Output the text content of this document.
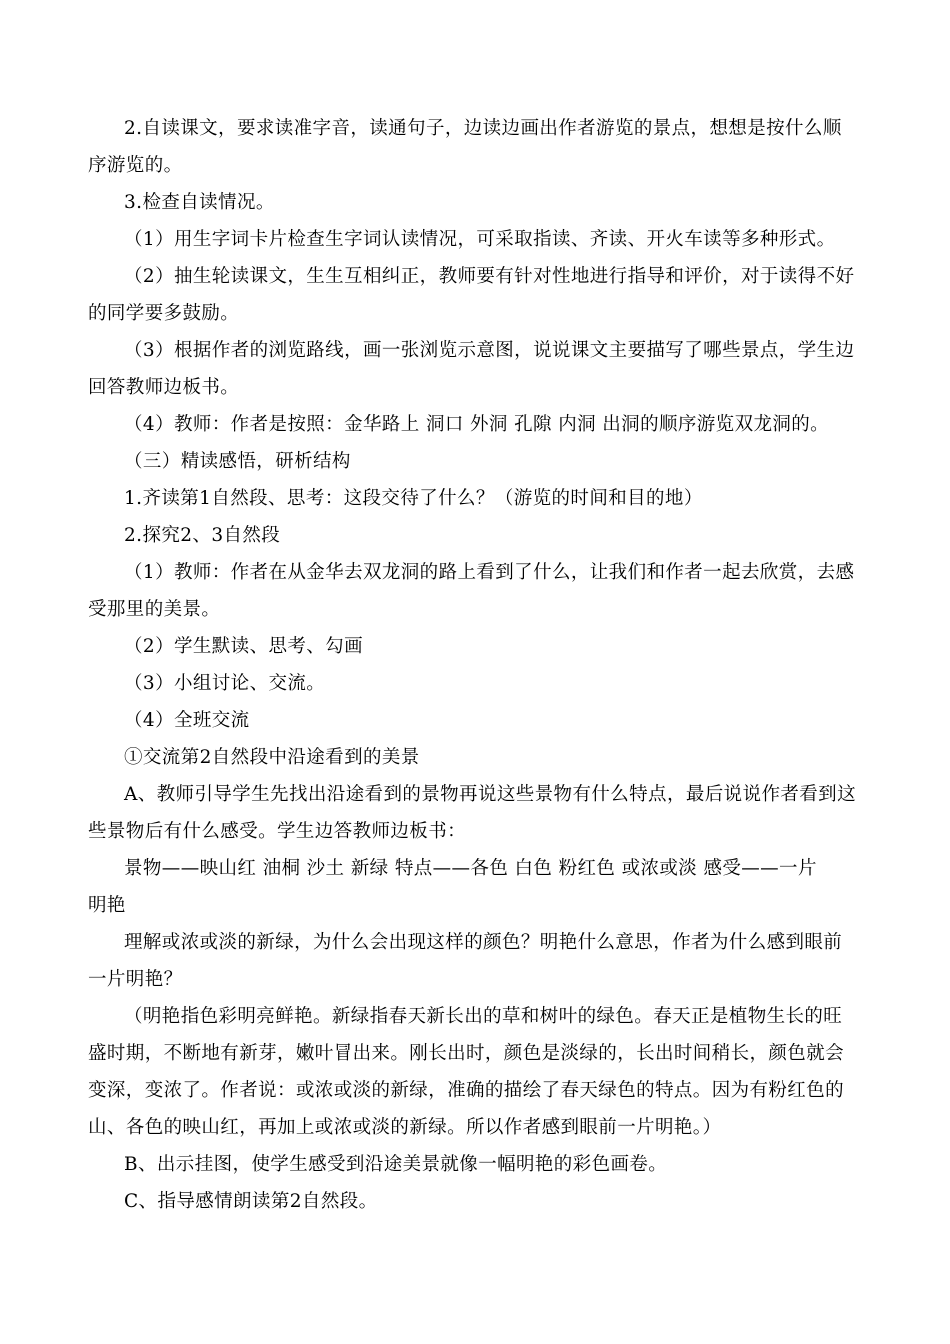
2.自读课文，要求读准字音，读通句子，边读边画出作者游览的景点，想想是按什么顺

序游览的。

3.检查自读情况。

（1）用生字词卡片检查生字词认读情况，可采取指读、齐读、开火车读等多种形式。

（2）抽生轮读课文，生生互相纠正，教师要有针对性地进行指导和评价，对于读得不好

的同学要多鼓励。

（3）根据作者的浏览路线，画一张浏览示意图，说说课文主要描写了哪些景点，学生边

回答教师边板书。

（4）教师：作者是按照：金华路上 洞口 外洞 孔隙 内洞 出洞的顺序游览双龙洞的。

（三）精读感悟，研析结构

1.齐读第1自然段、思考：这段交待了什么？（游览的时间和目的地）

2.探究2、3自然段

（1）教师：作者在从金华去双龙洞的路上看到了什么，让我们和作者一起去欣赏，去感

受那里的美景。

（2）学生默读、思考、勾画

（3）小组讨论、交流。

（4）全班交流

①交流第2自然段中沿途看到的美景

A、教师引导学生先找出沿途看到的景物再说这些景物有什么特点，最后说说作者看到这

些景物后有什么感受。学生边答教师边板书：

景物——映山红 油桐 沙土 新绿 特点——各色 白色 粉红色 或浓或淡 感受——一片

明艳

理解或浓或淡的新绿，为什么会出现这样的颜色？明艳什么意思，作者为什么感到眼前

一片明艳？

（明艳指色彩明亮鲜艳。新绿指春天新长出的草和树叶的绿色。春天正是植物生长的旺

盛时期，不断地有新芽，嫩叶冒出来。刚长出时，颜色是淡绿的，长出时间稍长，颜色就会

变深，变浓了。作者说：或浓或淡的新绿，准确的描绘了春天绿色的特点。因为有粉红色的

山、各色的映山红，再加上或浓或淡的新绿。所以作者感到眼前一片明艳。）

B、出示挂图，使学生感受到沿途美景就像一幅明艳的彩色画卷。

C、指导感情朗读第2自然段。
